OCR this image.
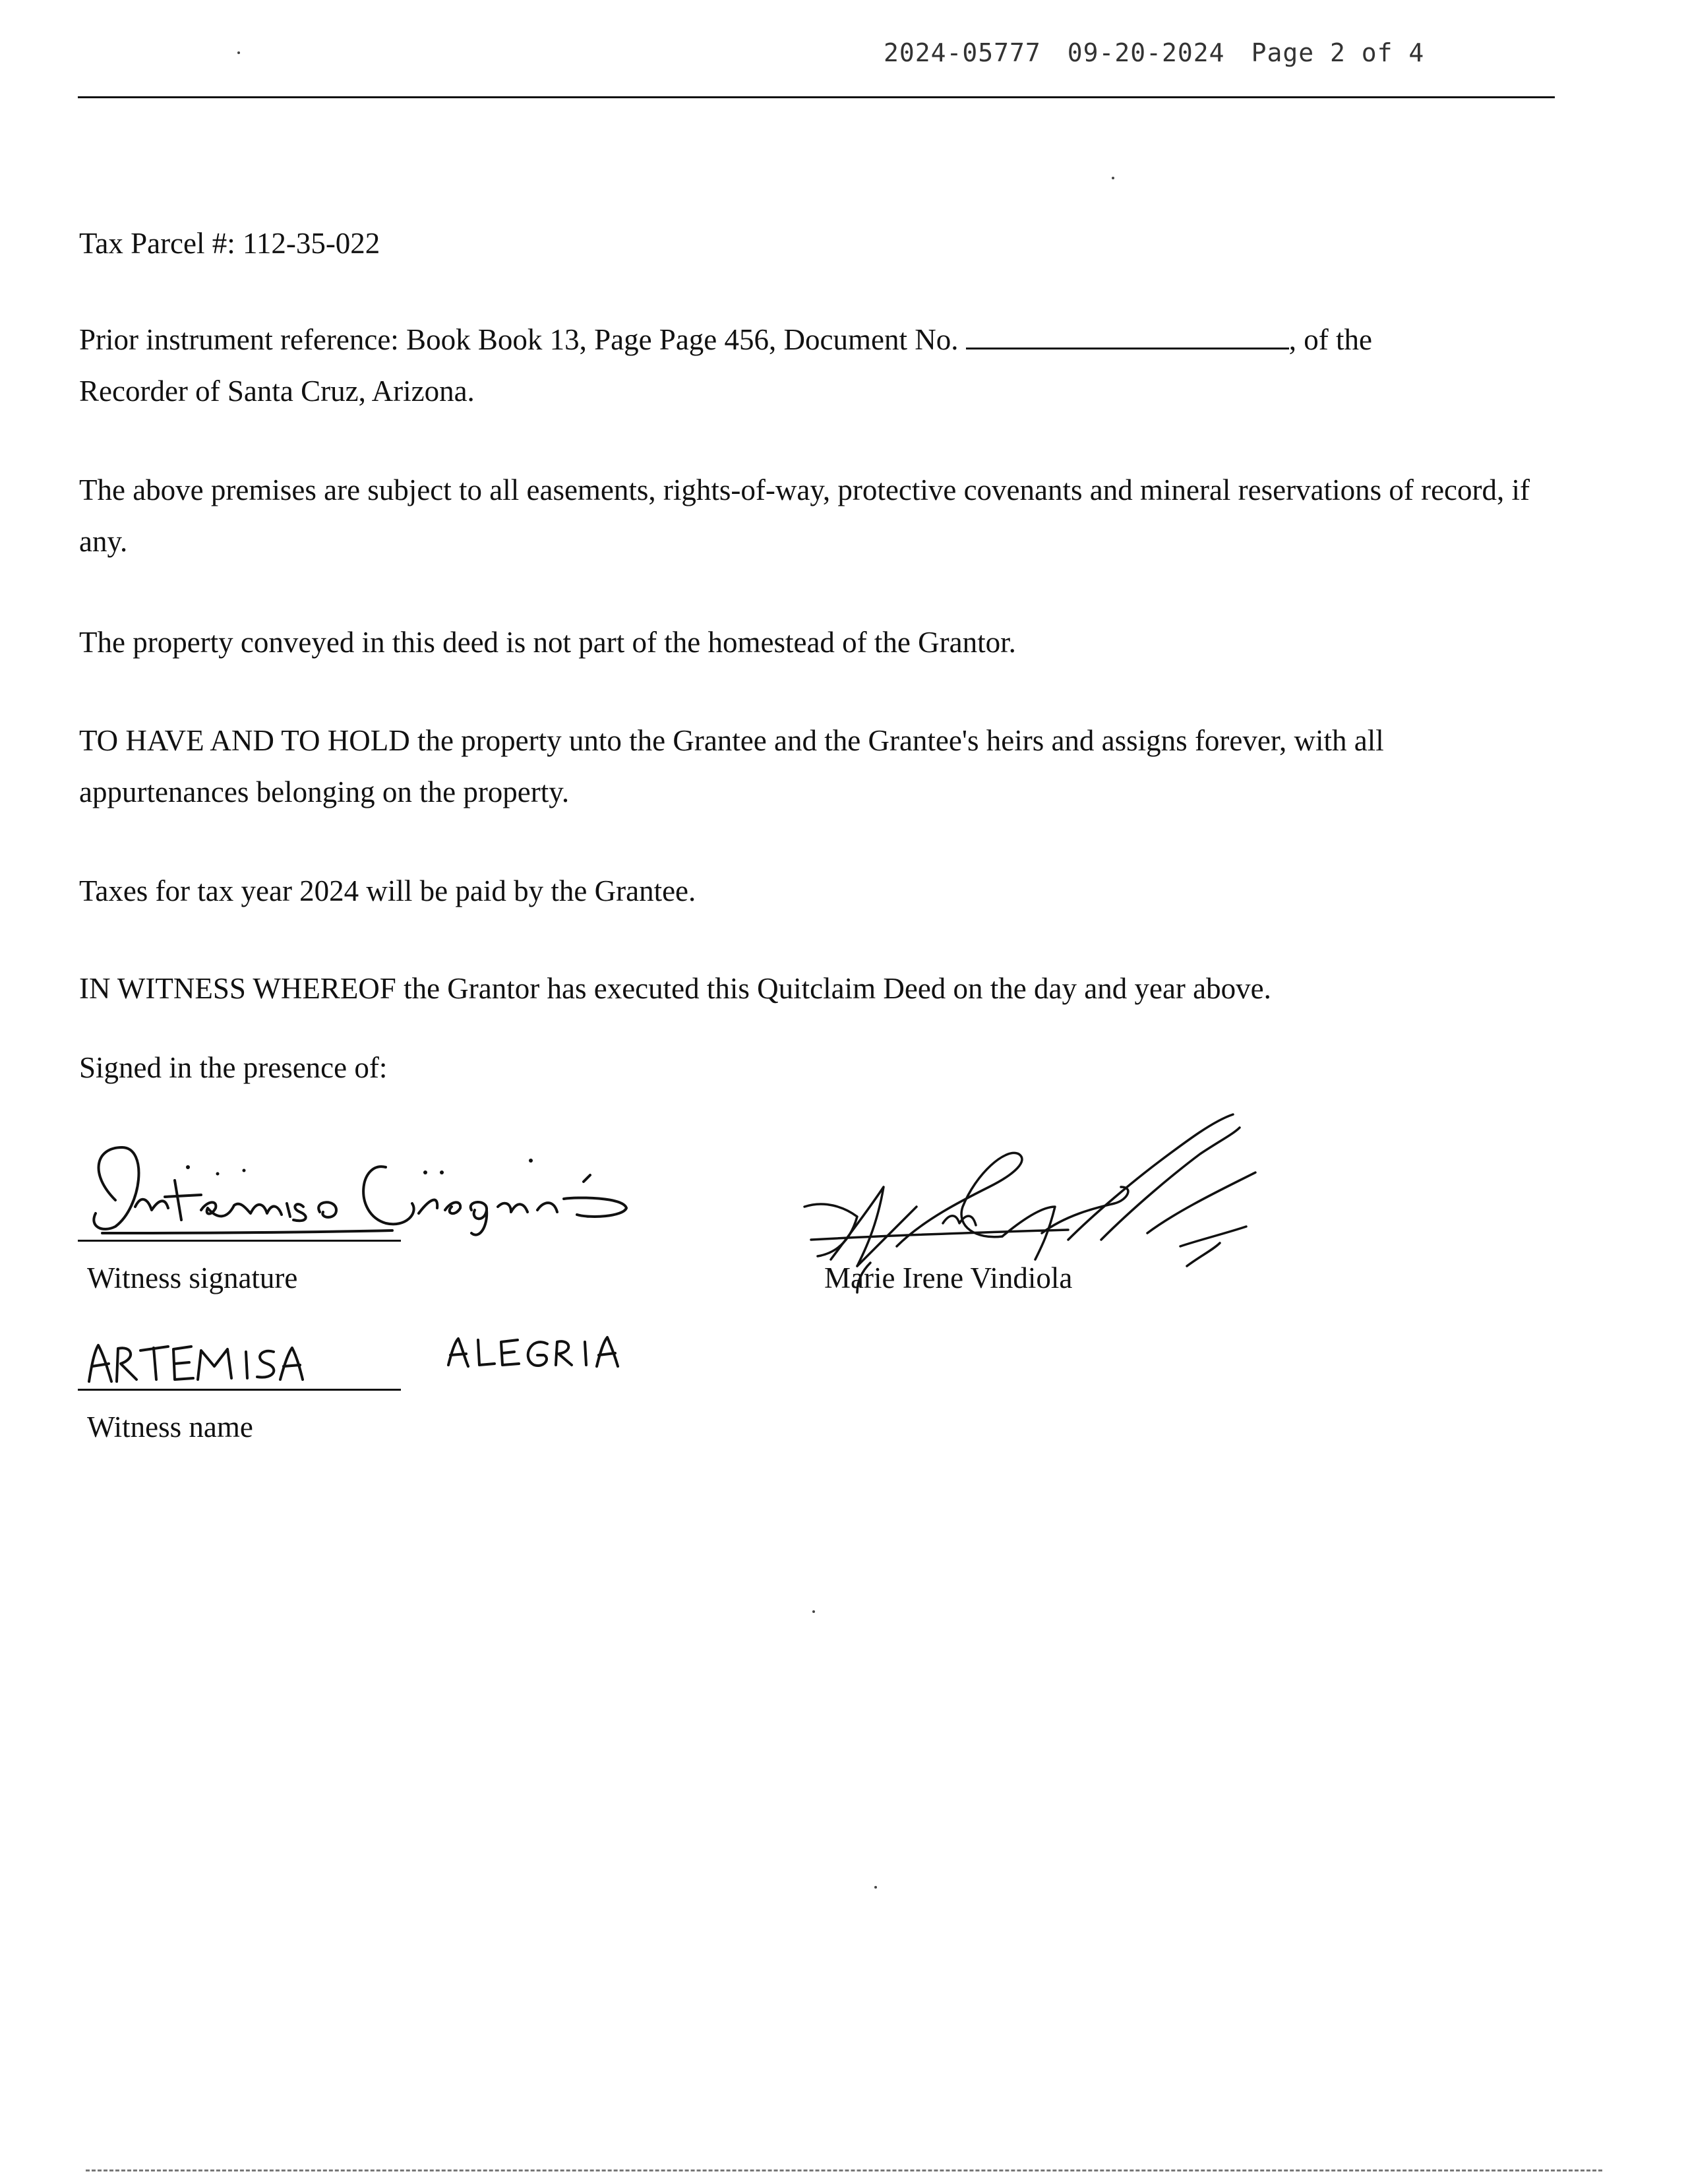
2024-05777 09-20-2024 Page 2 of 4
Tax Parcel #: 112-35-022
Prior instrument reference: Book Book 13, Page Page 456, Document No.	, of the
Recorder of Santa Cruz, Arizona.
The above premises are subject to all easements, rights-of-way, protective covenants and mineral reservations of record, if any.
The property conveyed in this deed is not part of the homestead of the Grantor.
TO HAVE AND TO HOLD the property unto the Grantee and the Grantee's heirs and assigns forever, with all appurtenances belonging on the property.
Taxes for tax year 2024 will be paid by the Grantee.
IN WITNESS WHEREOF the Grantor has executed this Quitclaim Deed on the day and year above.
Signed in the presence of:
Witness signature	Marie Irene Vindiola
Witness name
